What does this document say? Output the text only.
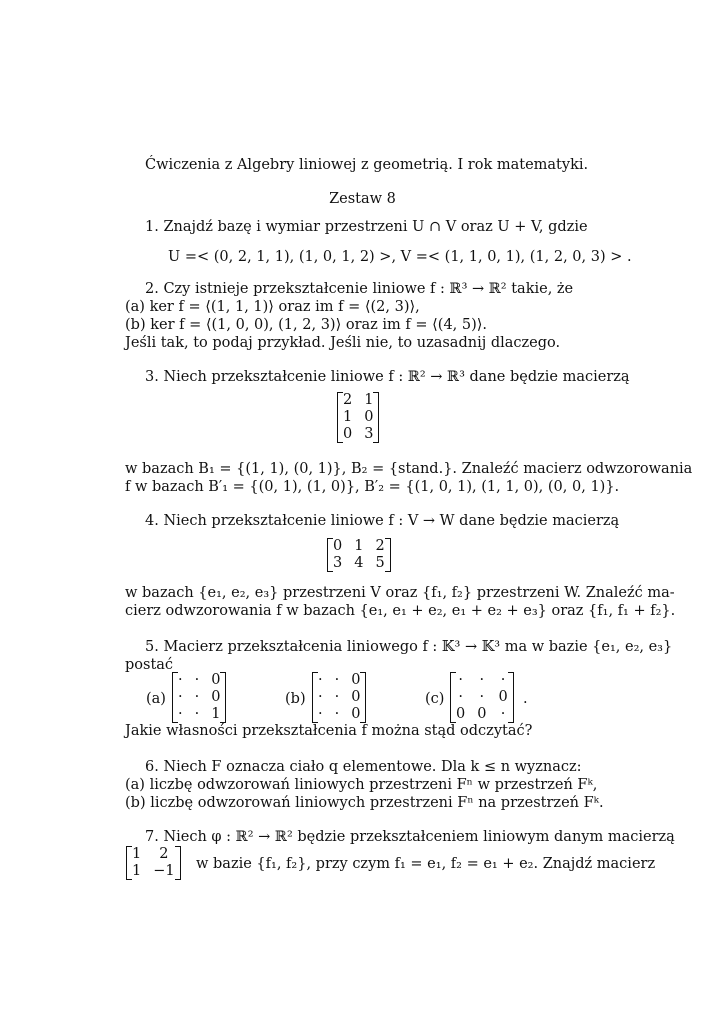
Ćwiczenia z Algebry liniowej z geometrią. I rok matematyki.
Zestaw 8
1. Znajdź bazę i wymiar przestrzeni U ∩ V oraz U + V, gdzie
U =< (0, 2, 1, 1), (1, 0, 1, 2) >, V =< (1, 1, 0, 1), (1, 2, 0, 3) > .
2. Czy istnieje przekształcenie liniowe f : ℝ³ → ℝ² takie, że
(a) ker f = ⟨(1, 1, 1)⟩ oraz im f = ⟨(2, 3)⟩,
(b) ker f = ⟨(1, 0, 0), (1, 2, 3)⟩ oraz im f = ⟨(4, 5)⟩.
Jeśli tak, to podaj przykład. Jeśli nie, to uzasadnij dlaczego.
3. Niech przekształcenie liniowe f : ℝ² → ℝ³ dane będzie macierzą
2	1
1	0
0	3
w bazach B₁ = {(1, 1), (0, 1)}, B₂ = {stand.}. Znaleźć macierz odwzorowania
f w bazach B′₁ = {(0, 1), (1, 0)}, B′₂ = {(1, 0, 1), (1, 1, 0), (0, 0, 1)}.
4. Niech przekształcenie liniowe f : V → W dane będzie macierzą
0	1	2
3	4	5
w bazach {e₁, e₂, e₃} przestrzeni V oraz {f₁, f₂} przestrzeni W. Znaleźć ma-
cierz odwzorowania f w bazach {e₁, e₁ + e₂, e₁ + e₂ + e₃} oraz {f₁, f₁ + f₂}.
5. Macierz przekształcenia liniowego f : 𝕂³ → 𝕂³ ma w bazie {e₁, e₂, e₃}
postać
(a)
·	·	0
·	·	0
·	·	1
(b)
·	·	0
·	·	0
·	·	0
(c)
·	·	·
·	·	0
0	0	·
.
Jakie własności przekształcenia f można stąd odczytać?
6. Niech F oznacza ciało q elementowe. Dla k ≤ n wyznacz:
(a) liczbę odwzorowań liniowych przestrzeni Fⁿ w przestrzeń Fᵏ,
(b) liczbę odwzorowań liniowych przestrzeni Fⁿ na przestrzeń Fᵏ.
7. Niech φ : ℝ² → ℝ² będzie przekształceniem liniowym danym macierzą
1	2
1	−1 w bazie {f₁, f₂}, przy czym f₁ = e₁, f₂ = e₁ + e₂. Znajdź macierz
